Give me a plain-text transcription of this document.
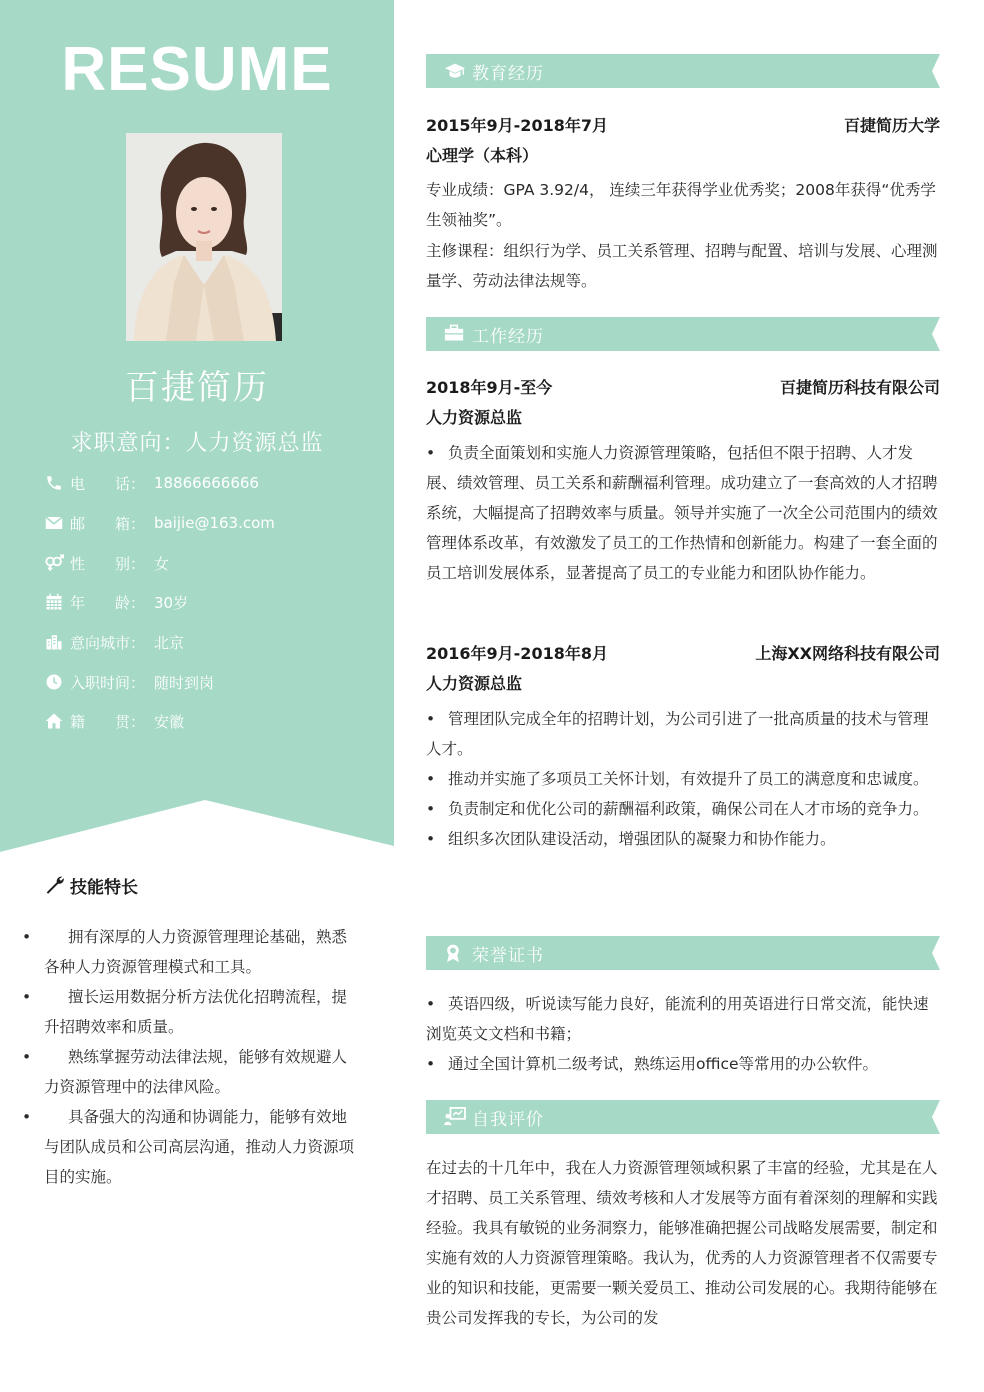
RESUME
百捷简历
求职意向：人力资源总监
电　　话： 18866666666
邮　　箱： baijie@163.com
性　　别： 女
年　　龄： 30岁
意向城市： 北京
入职时间： 随时到岗
籍　　贯： 安徽
技能特长
• 拥有深厚的人力资源管理理论基础，熟悉各种人力资源管理模式和工具。
• 擅长运用数据分析方法优化招聘流程，提升招聘效率和质量。
• 熟练掌握劳动法律法规，能够有效规避人力资源管理中的法律风险。
• 具备强大的沟通和协调能力，能够有效地与团队成员和公司高层沟通，推动人力资源项目的实施。
教育经历
2015年9月-2018年7月	百捷简历大学
心理学（本科）
专业成绩：GPA 3.92/4， 连续三年获得学业优秀奖；2008年获得“优秀学生领袖奖”。
主修课程：组织行为学、员工关系管理、招聘与配置、培训与发展、心理测量学、劳动法律法规等。
工作经历
2018年9月-至今	百捷简历科技有限公司
人力资源总监
• 负责全面策划和实施人力资源管理策略，包括但不限于招聘、人才发展、绩效管理、员工关系和薪酬福利管理。成功建立了一套高效的人才招聘系统，大幅提高了招聘效率与质量。领导并实施了一次全公司范围内的绩效管理体系改革，有效激发了员工的工作热情和创新能力。构建了一套全面的员工培训发展体系，显著提高了员工的专业能力和团队协作能力。
2016年9月-2018年8月	上海XX网络科技有限公司
人力资源总监
• 管理团队完成全年的招聘计划，为公司引进了一批高质量的技术与管理人才。
• 推动并实施了多项员工关怀计划，有效提升了员工的满意度和忠诚度。
• 负责制定和优化公司的薪酬福利政策，确保公司在人才市场的竞争力。
• 组织多次团队建设活动，增强团队的凝聚力和协作能力。
荣誉证书
• 英语四级，听说读写能力良好，能流利的用英语进行日常交流，能快速浏览英文文档和书籍；
• 通过全国计算机二级考试，熟练运用office等常用的办公软件。
自我评价
在过去的十几年中，我在人力资源管理领域积累了丰富的经验，尤其是在人才招聘、员工关系管理、绩效考核和人才发展等方面有着深刻的理解和实践经验。我具有敏锐的业务洞察力，能够准确把握公司战略发展需要，制定和实施有效的人力资源管理策略。我认为，优秀的人力资源管理者不仅需要专业的知识和技能，更需要一颗关爱员工、推动公司发展的心。我期待能够在贵公司发挥我的专长，为公司的发
